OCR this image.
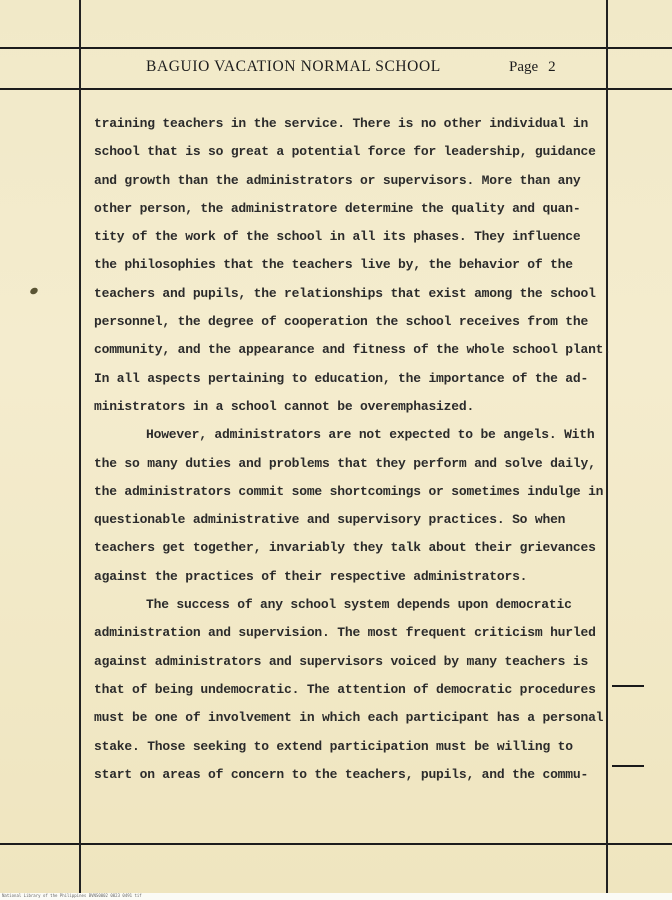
BAGUIO VACATION NORMAL SCHOOL	Page 2
training teachers in the service. There is no other individual in
school that is so great a potential force for leadership, guidance
and growth than the administrators or supervisors. More than any
other person, the administratore determine the quality and quan-
tity of the work of the school in all its phases. They influence
the philosophies that the teachers live by, the behavior of the
teachers and pupils, the relationships that exist among the school
personnel, the degree of cooperation the school receives from the
community, and the appearance and fitness of the whole school plant.
In all aspects pertaining to education, the importance of the ad-
ministrators in a school cannot be overemphasized.
However, administrators are not expected to be angels. With
the so many duties and problems that they perform and solve daily,
the administrators commit some shortcomings or sometimes indulge in
questionable administrative and supervisory practices. So when
teachers get together, invariably they talk about their grievances
against the practices of their respective administrators.
The success of any school system depends upon democratic
administration and supervision. The most frequent criticism hurled
against administrators and supervisors voiced by many teachers is
that of being undemocratic. The attention of democratic procedures
must be one of involvement in which each participant has a personal
stake. Those seeking to extend participation must be willing to
start on areas of concern to the teachers, pupils, and the commu-
National Library of the Philippines BVNS0002 0023 0491 tif
